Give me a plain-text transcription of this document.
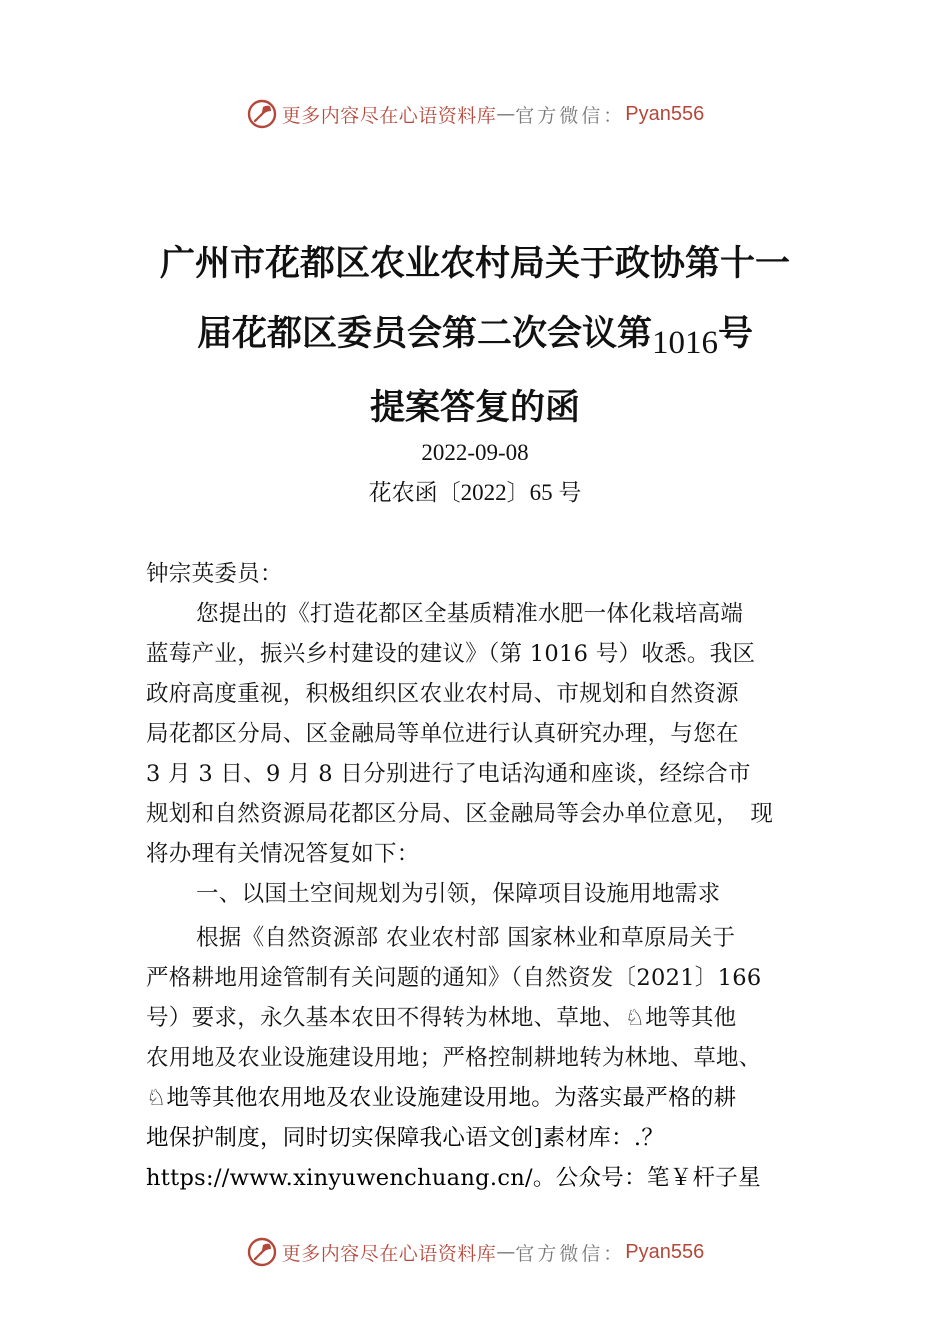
更多内容尽在心语资料库 — 官方微信： Pyan556
广州市花都区农业农村局关于政协第十一
届花都区委员会第二次会议第1016号
提案答复的函
2022-09-08
花农函〔2022〕65 号
钟宗英委员：
您提出的《打造花都区全基质精准水肥一体化栽培高端
蓝莓产业，振兴乡村建设的建议》（第 1016 号）收悉。我区
政府高度重视，积极组织区农业农村局、市规划和自然资源
局花都区分局、区金融局等单位进行认真研究办理，与您在
3 月 3 日、9 月 8 日分别进行了电话沟通和座谈，经综合市
规划和自然资源局花都区分局、区金融局等会办单位意见，　现
将办理有关情况答复如下：
一、以国土空间规划为引领，保障项目设施用地需求
根据《自然资源部 农业农村部 国家林业和草原局关于
严格耕地用途管制有关问题的通知》（自然资发〔2021〕166
号）要求，永久基本农田不得转为林地、草地、♘地等其他
农用地及农业设施建设用地；严格控制耕地转为林地、草地、
♘地等其他农用地及农业设施建设用地。为落实最严格的耕
地保护制度，同时切实保障我心语文创]素材库：.？
https://www.xinyuwenchuang.cn/。公众号：笔￥杆子星
更多内容尽在心语资料库 — 官方微信： Pyan556
